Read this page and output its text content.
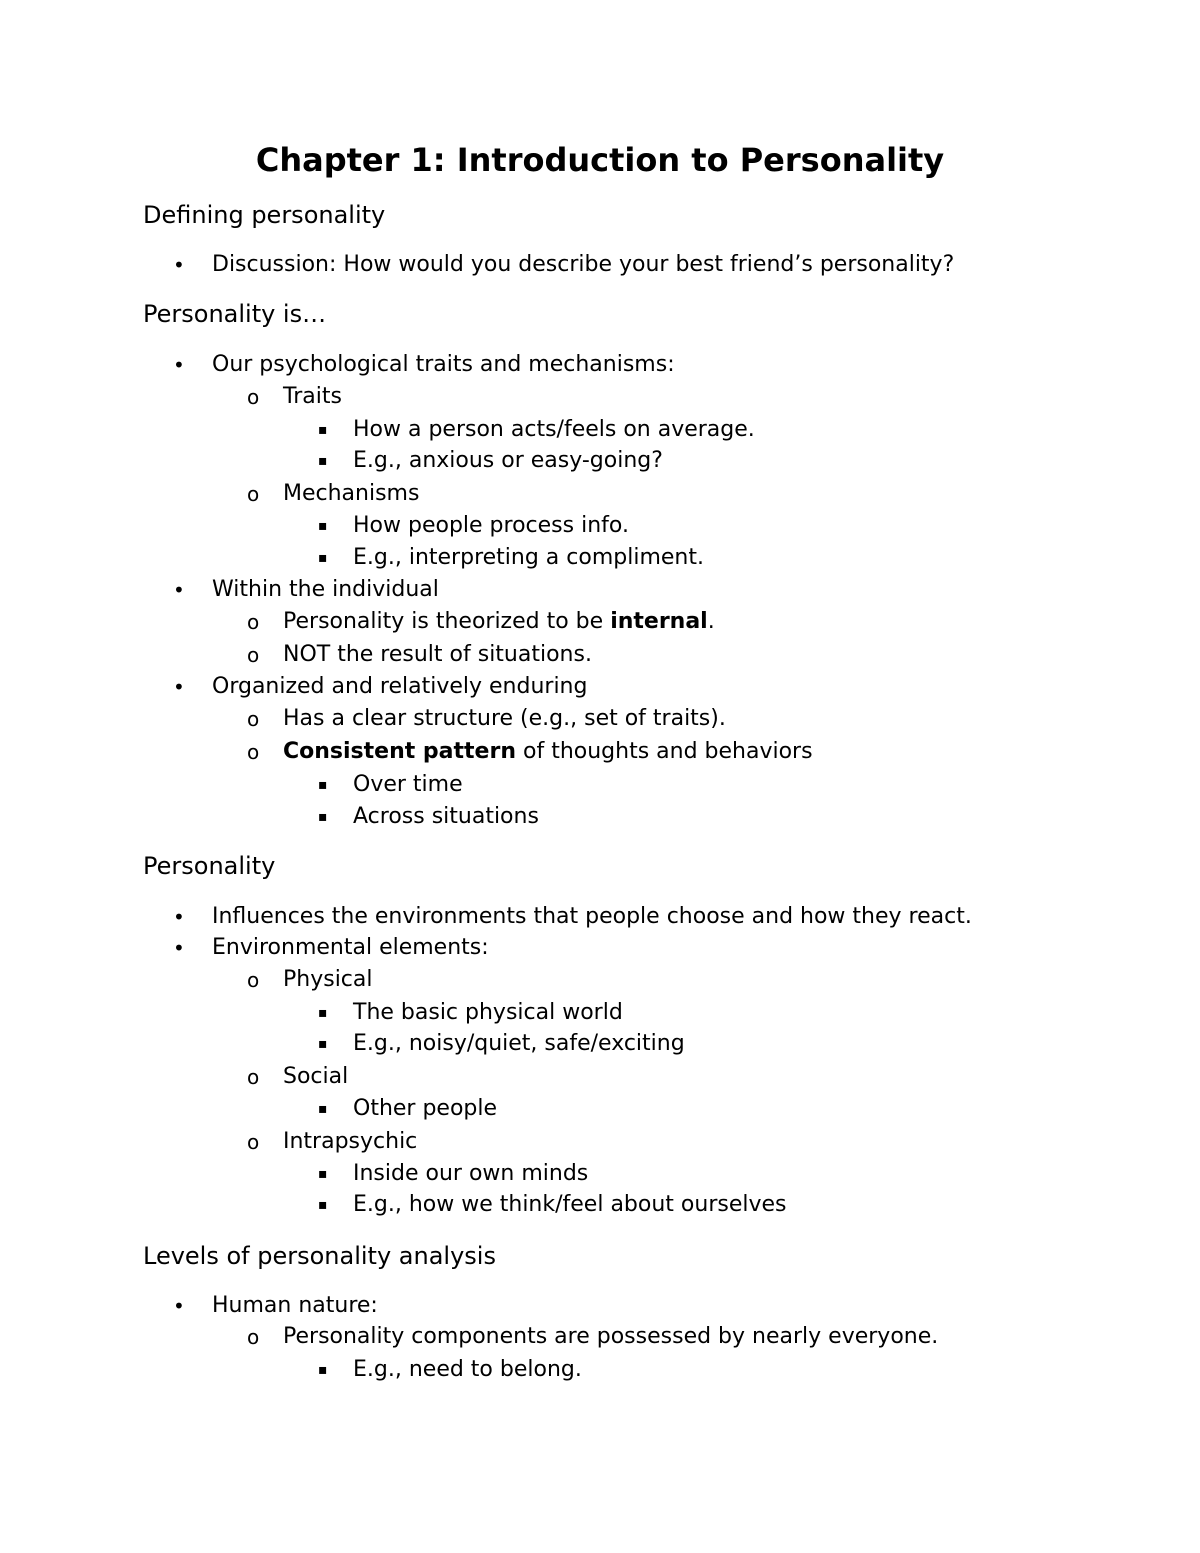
Chapter 1: Introduction to Personality
Defining personality
• Discussion: How would you describe your best friend’s personality?
Personality is…
• Our psychological traits and mechanisms:
o Traits
▪ How a person acts/feels on average.
▪ E.g., anxious or easy-going?
o Mechanisms
▪ How people process info.
▪ E.g., interpreting a compliment.
• Within the individual
o Personality is theorized to be internal.
o NOT the result of situations.
• Organized and relatively enduring
o Has a clear structure (e.g., set of traits).
o Consistent pattern of thoughts and behaviors
▪ Over time
▪ Across situations
Personality
• Influences the environments that people choose and how they react.
• Environmental elements:
o Physical
▪ The basic physical world
▪ E.g., noisy/quiet, safe/exciting
o Social
▪ Other people
o Intrapsychic
▪ Inside our own minds
▪ E.g., how we think/feel about ourselves
Levels of personality analysis
• Human nature:
o Personality components are possessed by nearly everyone.
▪ E.g., need to belong.
